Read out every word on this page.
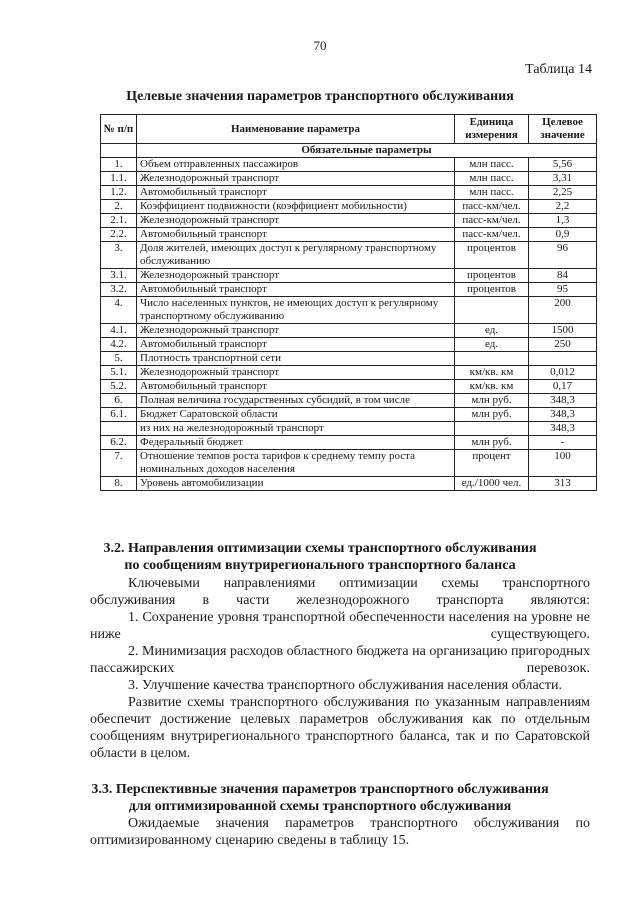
70
Таблица 14
Целевые значения параметров транспортного обслуживания
№ п/п	Наименование параметра	Единица измерения	Целевое значение
	Обязательные параметры		
1.	Объем отправленных пассажиров	млн пасс.	5,56
1.1.	Железнодорожный транспорт	млн пасс.	3,31
1.2.	Автомобильный транспорт	млн пасс.	2,25
2.	Коэффициент подвижности (коэффициент мобильности)	пасс-км/чел.	2,2
2.1.	Железнодорожный транспорт	пасс-км/чел.	1,3
2.2.	Автомобильный транспорт	пасс-км/чел.	0,9
3.	Доля жителей, имеющих доступ к регулярному транспортному обслуживанию	процентов	96
3.1.	Железнодорожный транспорт	процентов	84
3.2.	Автомобильный транспорт	процентов	95
4.	Число населенных пунктов, не имеющих доступ к регулярному транспортному обслуживанию		200
4.1.	Железнодорожный транспорт	ед.	1500
4.2.	Автомобильный транспорт	ед.	250
5.	Плотность транспортной сети		
5.1.	Железнодорожный транспорт	км/кв. км	0,012
5.2.	Автомобильный транспорт	км/кв. км	0,17
6.	Полная величина государственных субсидий, в том числе	млн руб.	348,3
6.1.	Бюджет Саратовской области	млн руб.	348,3
	из них на железнодорожный транспорт		348,3
6.2.	Федеральный бюджет	млн руб.	-
7.	Отношение темпов роста тарифов к среднему темпу роста номинальных доходов населения	процент	100
8.	Уровень автомобилизации	ед./1000 чел.	313
3.2. Направления оптимизации схемы транспортного обслуживания
по сообщениям внутрирегионального транспортного баланса
Ключевыми направлениями оптимизации схемы транспортного обслуживания в части железнодорожного транспорта являются:
1. Сохранение уровня транспортной обеспеченности населения на уровне не ниже существующего.
2. Минимизация расходов областного бюджета на организацию пригородных пассажирских перевозок.
3. Улучшение качества транспортного обслуживания населения области.
Развитие схемы транспортного обслуживания по указанным направлениям обеспечит достижение целевых параметров обслуживания как по отдельным сообщениям внутрирегионального транспортного баланса, так и по Саратовской области в целом.
3.3. Перспективные значения параметров транспортного обслуживания
для оптимизированной схемы транспортного обслуживания
Ожидаемые значения параметров транспортного обслуживания по оптимизированному сценарию сведены в таблицу 15.
